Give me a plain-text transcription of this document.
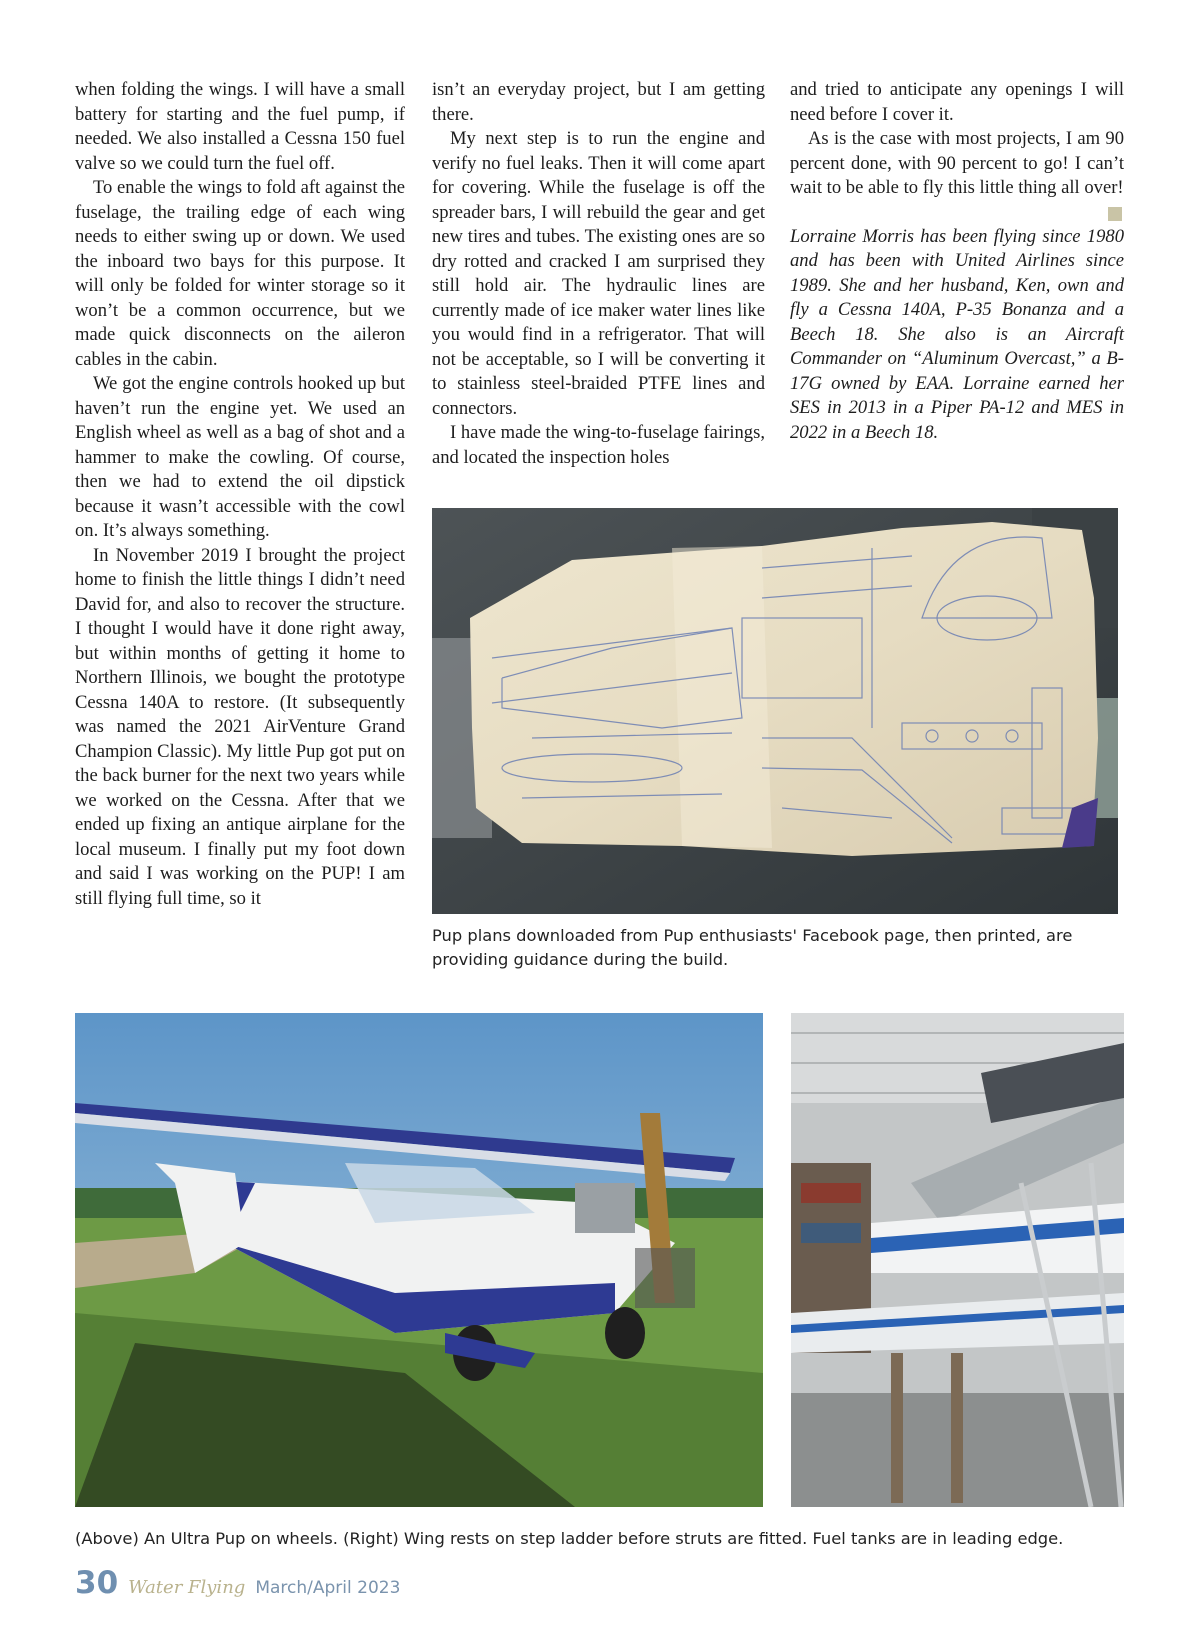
when folding the wings. I will have a small battery for starting and the fuel pump, if needed. We also installed a Cessna 150 fuel valve so we could turn the fuel off.

To enable the wings to fold aft against the fuselage, the trailing edge of each wing needs to either swing up or down. We used the inboard two bays for this purpose. It will only be folded for winter storage so it won’t be a common occurrence, but we made quick disconnects on the aileron cables in the cabin.

We got the engine controls hooked up but haven’t run the engine yet. We used an English wheel as well as a bag of shot and a hammer to make the cowling. Of course, then we had to extend the oil dipstick because it wasn’t accessible with the cowl on. It’s always something.

In November 2019 I brought the project home to finish the little things I didn’t need David for, and also to recover the structure. I thought I would have it done right away, but within months of getting it home to Northern Illinois, we bought the prototype Cessna 140A to restore. (It subsequently was named the 2021 AirVenture Grand Champion Classic). My little Pup got put on the back burner for the next two years while we worked on the Cessna. After that we ended up fixing an antique airplane for the local museum. I finally put my foot down and said I was working on the PUP! I am still flying full time, so it

isn’t an everyday project, but I am getting there.

My next step is to run the engine and verify no fuel leaks. Then it will come apart for covering. While the fuselage is off the spreader bars, I will rebuild the gear and get new tires and tubes. The existing ones are so dry rotted and cracked I am surprised they still hold air. The hydraulic lines are currently made of ice maker water lines like you would find in a refrigerator. That will not be acceptable, so I will be converting it to stainless steel-braided PTFE lines and connectors.

I have made the wing-to-fuselage fairings, and located the inspection holes

and tried to anticipate any openings I will need before I cover it.

As is the case with most projects, I am 90 percent done, with 90 percent to go! I can’t wait to be able to fly this little thing all over!

Lorraine Morris has been flying since 1980 and has been with United Airlines since 1989. She and her husband, Ken, own and fly a Cessna 140A, P-35 Bonanza and a Beech 18. She also is an Aircraft Commander on “Aluminum Overcast,” a B-17G owned by EAA. Lorraine earned her SES in 2013 in a Piper PA-12 and MES in 2022 in a Beech 18.

Pup plans downloaded from Pup enthusiasts' Facebook page, then printed, are providing guidance during the build.
(Above) An Ultra Pup on wheels. (Right) Wing rests on step ladder before struts are fitted. Fuel tanks are in leading edge.
30 Water Flying March/April 2023
